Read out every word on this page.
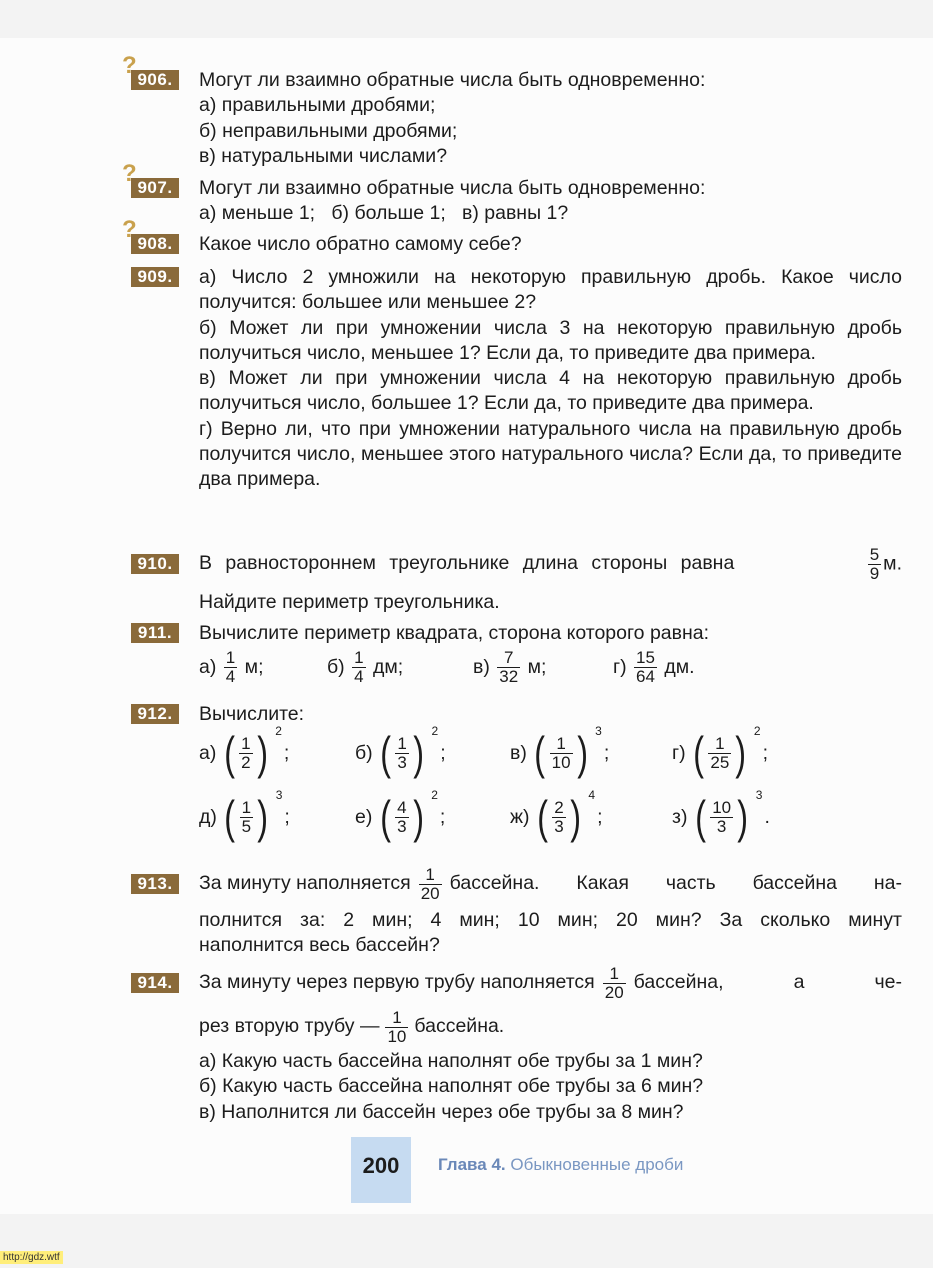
? 906.	Могут ли взаимно обратные числа быть одновременно:
а) правильными дробями;
б) неправильными дробями;
в) натуральными числами?
? 907.	Могут ли взаимно обратные числа быть одновременно:
а) меньше 1;   б) больше 1;   в) равны 1?
? 908.	Какое число обратно самому себе?
909.	а) Число 2 умножили на некоторую правильную дробь. Какое число получится: большее или меньшее 2?
б) Может ли при умножении числа 3 на некоторую правильную дробь получиться число, меньшее 1? Если да, то приведите два примера.
в) Может ли при умножении числа 4 на некоторую правильную дробь получиться число, большее 1? Если да, то приведите два примера.
г) Верно ли, что при умножении натурального числа на правильную дробь получится число, меньшее этого натурального числа? Если да, то приведите два примера.
910.	В равностороннем треугольнике длина стороны равна	$\frac{5}{9} м$.
Найдите периметр треугольника.
911.	Вычислите периметр квадрата, сторона которого равна:
а)
$\frac{1}{4}$
м;	б)
$\frac{1}{4}$
дм;	в)
$\frac{7}{32}$
м;	г)
$\frac{15}{64}$
дм.
912.	Вычислите:
а)
( $\frac{1}{2}$ ) 2
;	б)
( $\frac{1}{3}$ ) 2
;	в)
( $\frac{1}{10}$ ) 3
;	г)
( $\frac{1}{25}$ ) 2
;
д)
( $\frac{1}{5}$ ) 3
;	е)
( $\frac{4}{3}$ ) 2
;	ж)
( $\frac{2}{3}$ ) 4
;	з)
( $\frac{10}{3}$ ) 3
.
913.	За минуту наполняется $\frac{1}{20}$ бассейна. Какая часть бассейна на-
полнится за: 2 мин; 4 мин; 10 мин; 20 мин? За сколько минут
наполнится весь бассейн?
914.	За минуту через первую трубу наполняется $\frac{1}{20}$ бассейна, а че-
рез вторую трубу — $\frac{1}{10}$ бассейна.
а) Какую часть бассейна наполнят обе трубы за 1 мин?
б) Какую часть бассейна наполнят обе трубы за 6 мин?
в) Наполнится ли бассейн через обе трубы за 8 мин?
200	Глава 4. Обыкновенные дроби
http://gdz.wtf
